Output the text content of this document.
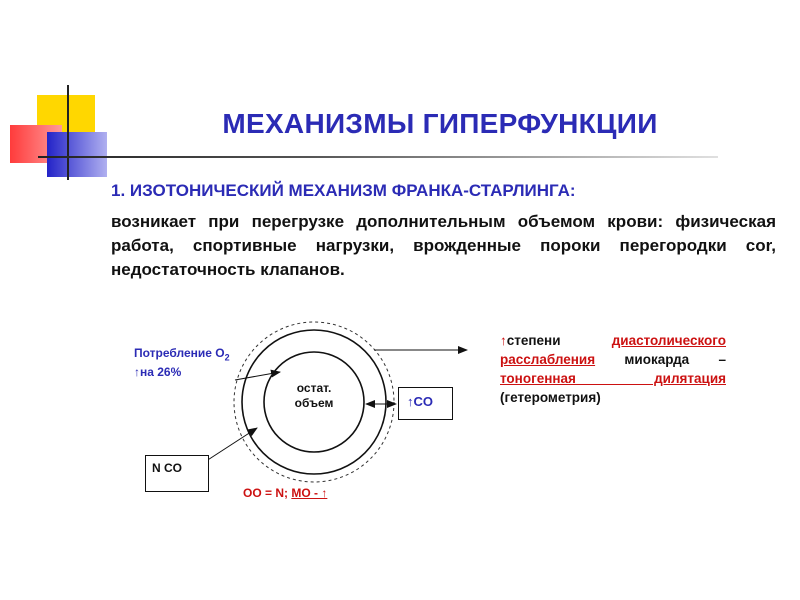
МЕХАНИЗМЫ ГИПЕРФУНКЦИИ
1. ИЗОТОНИЧЕСКИЙ МЕХАНИЗМ ФРАНКА-СТАРЛИНГА:
возникает при перегрузке дополнительным объемом крови: физическая работа, спортивные нагрузки, врожденные пороки перегородки cor, недостаточность клапанов.
остат.
объем
Потребление $O_2$
↑на 26%
N CO
↑CO
ОО = N; МО - ↑
↑степени	диастолического расслабления миокарда – тоногенная дилятация (гетерометрия)
